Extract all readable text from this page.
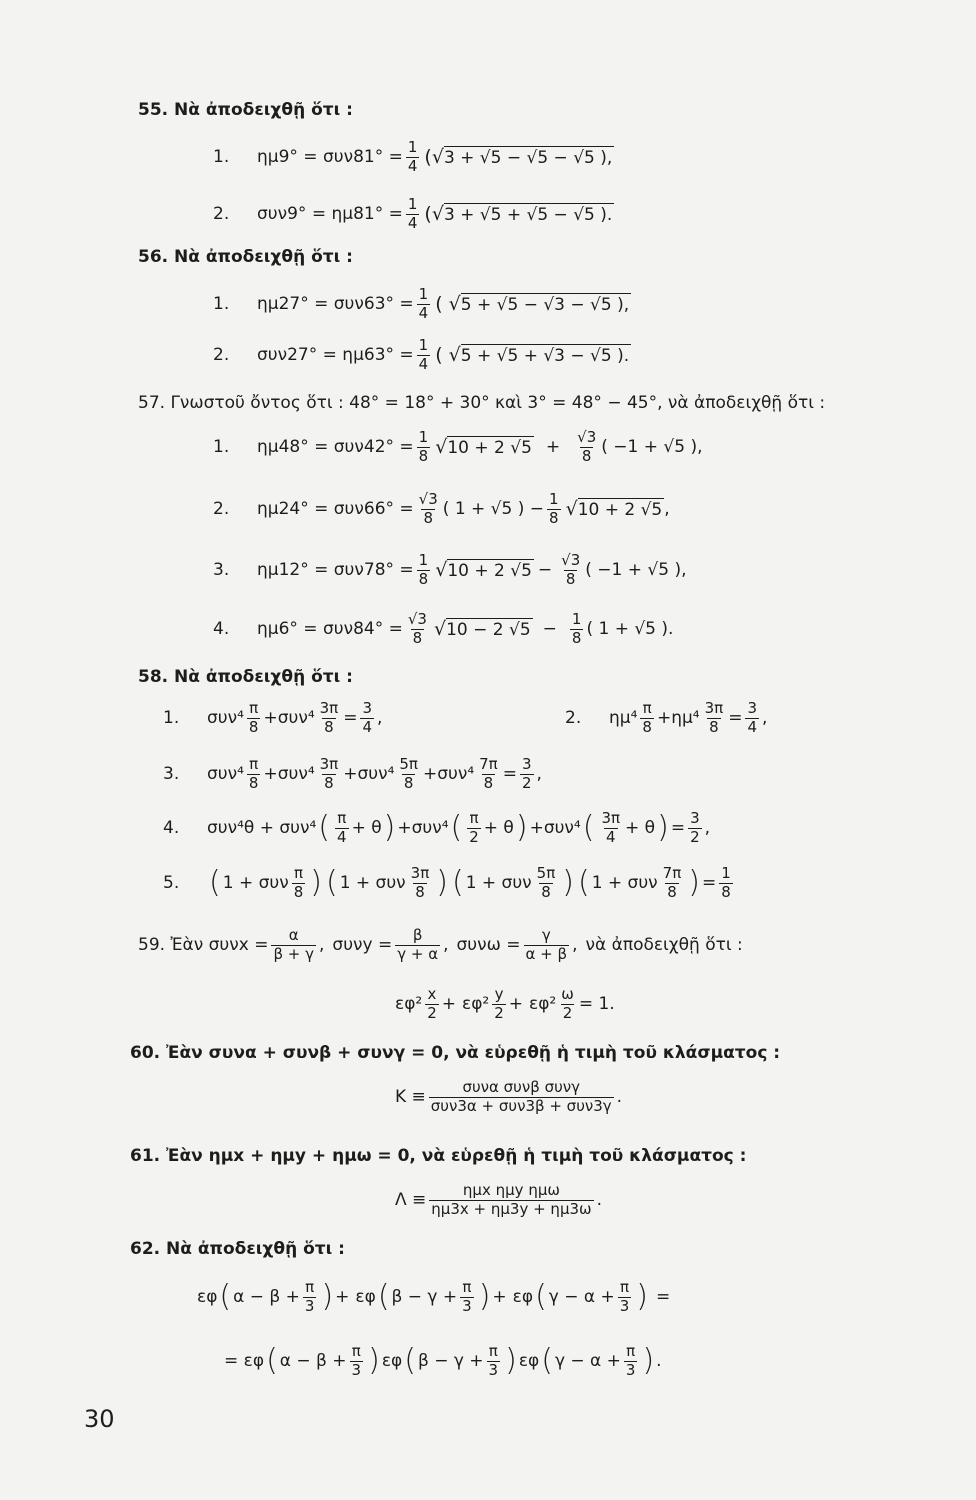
55. Νὰ ἀποδειχθῇ ὅτι :
1.	$\eta\mu 9^\circ = \sigma\upsilon\nu 81^\circ = \frac{1}{4}$ (√ 3 + √5 − √5 − √5 ),
2.	$\sigma\upsilon\nu 9^\circ = \eta\mu 81^\circ = \frac{1}{4}$ (√ 3 + √5 + √5 − √5 ).
56. Νὰ ἀποδειχθῇ ὅτι :
1.	$\eta\mu 27^\circ = \sigma\upsilon\nu 63^\circ = \frac{1}{4}$ ( √ 5 + √5 − √3 − √5 ),
2.	$\sigma\upsilon\nu 27^\circ = \eta\mu 63^\circ = \frac{1}{4}$ ( √ 5 + √5 + √3 − √5 ).
57. Γνωστοῦ ὄντος ὅτι : 48° = 18° + 30° καὶ 3° = 48° − 45°, νὰ ἀποδειχθῇ ὅτι :
1.	$\eta\mu 48^\circ = \sigma\upsilon\nu 42^\circ = \frac{1}{8}$ √ 10 + 2 $√5 + \frac{√3}{8}$ ( −1 + √5 ),
2.	$\eta\mu 24^\circ = \sigma\upsilon\nu 66^\circ = \frac{√3}{8}$ ( 1 + √5 ) − $\frac{1}{8}$ √ 10 + 2 √5 ,
3.	$\eta\mu 12^\circ = \sigma\upsilon\nu 78^\circ = \frac{1}{8}$ √ 10 + 2 $√5 - \frac{√3}{8}$ ( −1 + √5 ),
4.	$\eta\mu 6^\circ = \sigma\upsilon\nu 84^\circ = \frac{√3}{8}$ √ 10 − 2 $√5 - \frac{1}{8}$ ( 1 + √5 ).
58. Νὰ ἀποδειχθῇ ὅτι :
1.	συν⁴
π
$8 + \sigma\upsilon\nu^4 \frac{3\pi}{8} = \frac{3}{4}$ ,	2.	ημ⁴
π
$8 + \eta\mu^4 \frac{3\pi}{8} = \frac{3}{4}$ ,
3.	συν⁴
π
8 + συν⁴
3π
8 + συν⁴
5π
$8 + \sigma\upsilon\nu^4 \frac{7\pi}{8} = \frac{3}{2}$ ,
4.	συν⁴θ + συν⁴ ( π
4 + θ ) + συν⁴ ( π
2 + θ ) + συν⁴ ( 3π
4 + θ ) = $\frac{3}{2}$ ,
5. ( 1 + συν
π
8 ) ( 1 + συν
3π
8 ) ( 1 + συν
5π
8 ) ( 1 + συν
7π
8 ) = $\frac{1}{8}$
59. Ἐὰν $\sigma\upsilon\nu x = \frac{\alpha}{\beta + \gamma}$ , $\sigma\upsilon\nu y = \frac{\beta}{\gamma + \alpha}$ , $\sigma\upsilon\nu\omega = \frac{\gamma}{\alpha + \beta}$ , νὰ ἀποδειχθῇ ὅτι :
εφ²
x
2 + εφ²
y
$2 + \varepsilon\varphi^2 \frac{\omega}{2} = 1$.
60. Ἐὰν συνα + συνβ + συνγ = 0, νὰ εὑρεθῇ ἡ τιμὴ τοῦ κλάσματος :
K ≡
συνα συνβ συνγ
συν3α + συν3β + συν3γ .
61. Ἐὰν ημx + ημy + ημω = 0, νὰ εὑρεθῇ ἡ τιμὴ τοῦ κλάσματος :
Λ ≡
ημx ημy ημω
ημ3x + ημ3y + ημ3ω .
62. Νὰ ἀποδειχθῇ ὅτι :
εφ ( $\alpha - \beta + \frac{\pi}{3}$ ) + εφ ( $\beta - \gamma + \frac{\pi}{3}$ ) + εφ ( $\gamma - \alpha + \frac{\pi}{3}$ ) =
= εφ ( $\alpha - \beta + \frac{\pi}{3}$ ) εφ ( $\beta - \gamma + \frac{\pi}{3}$ ) εφ ( $\gamma - \alpha + \frac{\pi}{3}$ ) .
30
